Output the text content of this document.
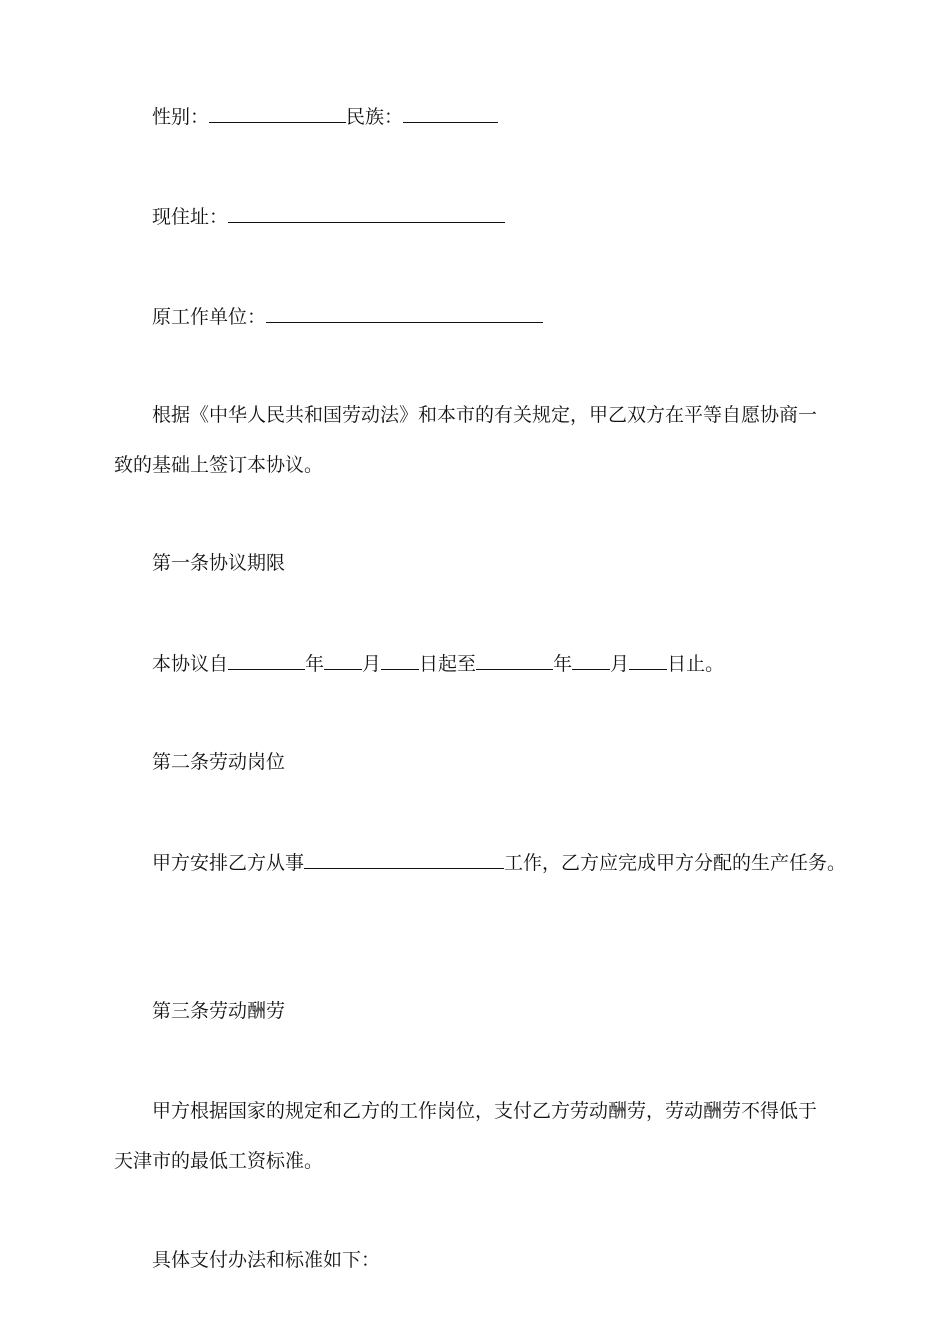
性别：	民族：
现住址：
原工作单位：
根据《中华人民共和国劳动法》和本市的有关规定，甲乙双方在平等自愿协商一
致的基础上签订本协议。
第一条协议期限
本协议自	年 月 日起至	年 月 日止。
第二条劳动岗位
甲方安排乙方从事	工作，乙方应完成甲方分配的生产任务。
第三条劳动酬劳
甲方根据国家的规定和乙方的工作岗位，支付乙方劳动酬劳，劳动酬劳不得低于
天津市的最低工资标准。
具体支付办法和标准如下：
